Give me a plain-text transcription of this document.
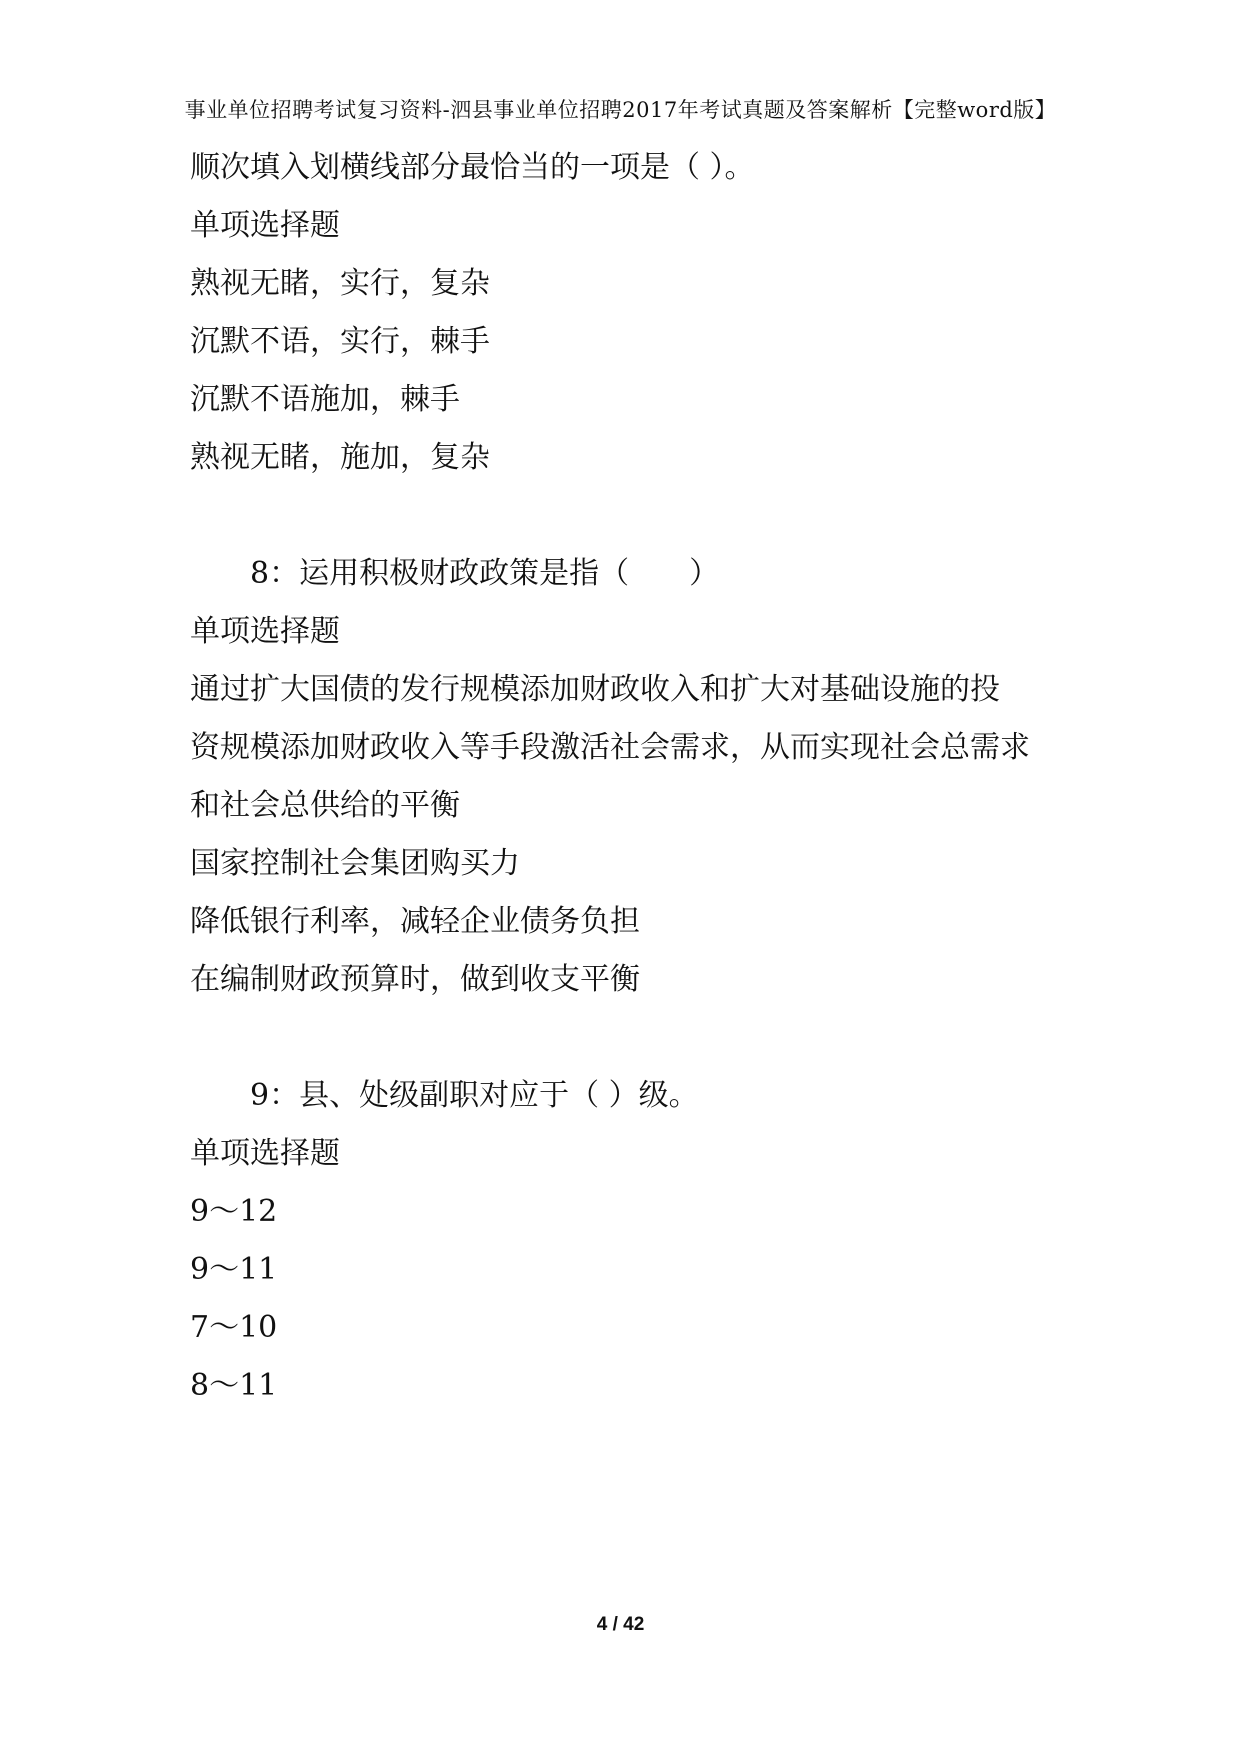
事业单位招聘考试复习资料-泗县事业单位招聘2017年考试真题及答案解析【完整word版】
顺次填入划横线部分最恰当的一项是（ ）。
单项选择题
熟视无睹，实行，复杂
沉默不语，实行，棘手
沉默不语施加，棘手
熟视无睹，施加，复杂
8：运用积极财政政策是指（　　）
单项选择题
通过扩大国债的发行规模添加财政收入和扩大对基础设施的投
资规模添加财政收入等手段激活社会需求，从而实现社会总需求
和社会总供给的平衡
国家控制社会集团购买力
降低银行利率，减轻企业债务负担
在编制财政预算时，做到收支平衡
9：县、处级副职对应于（ ）级。
单项选择题
9～12
9～11
7～10
8～11
4 / 42
